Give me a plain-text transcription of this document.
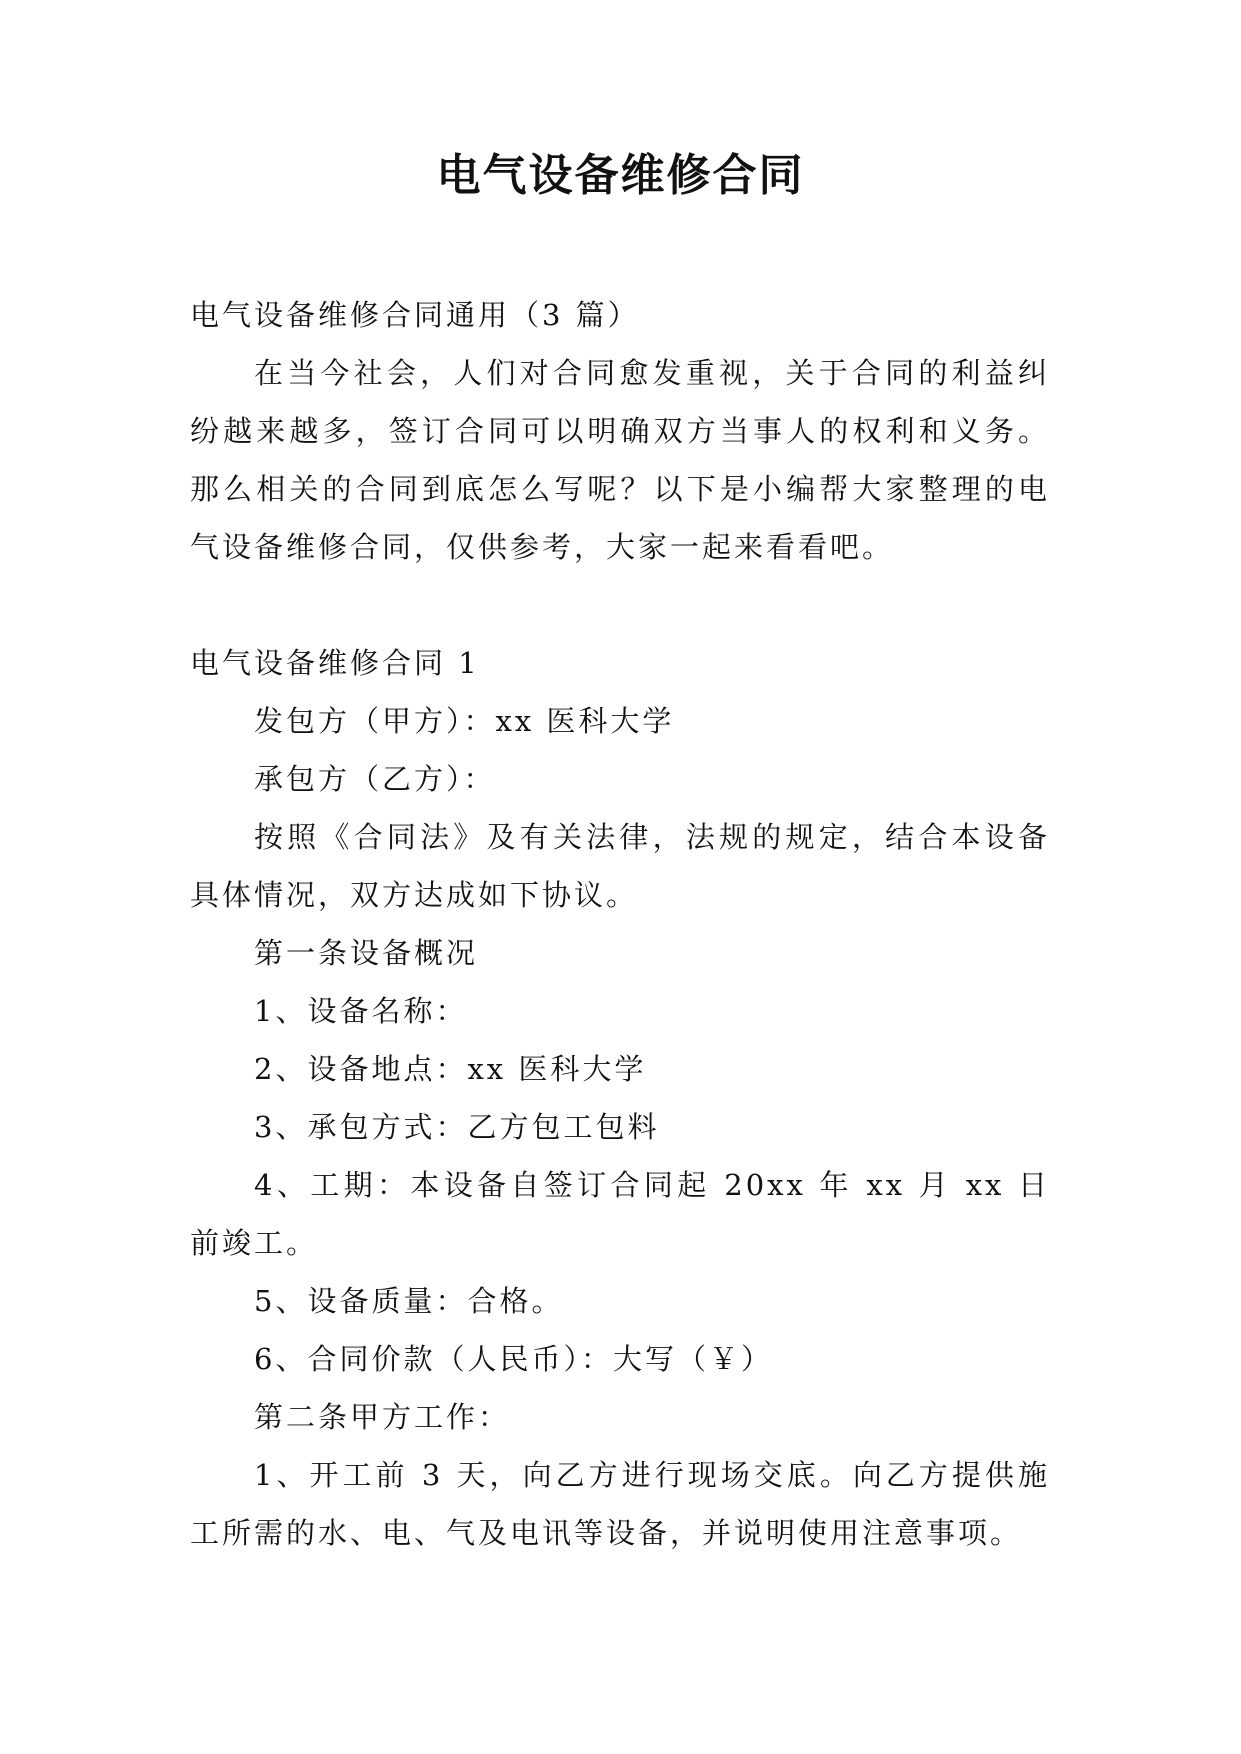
电气设备维修合同

电气设备维修合同通用（3 篇）

在当今社会，人们对合同愈发重视，关于合同的利益纠纷越来越多，签订合同可以明确双方当事人的权利和义务。那么相关的合同到底怎么写呢？以下是小编帮大家整理的电气设备维修合同，仅供参考，大家一起来看看吧。

电气设备维修合同 1

发包方（甲方）：xx 医科大学

承包方（乙方）：

按照《合同法》及有关法律，法规的规定，结合本设备具体情况，双方达成如下协议。

第一条设备概况

1、设备名称：

2、设备地点：xx 医科大学

3、承包方式：乙方包工包料

4、工期：本设备自签订合同起 20xx 年 xx 月 xx 日前竣工。

5、设备质量：合格。

6、合同价款（人民币）：大写（￥）

第二条甲方工作：

1、开工前 3 天，向乙方进行现场交底。向乙方提供施工所需的水、电、气及电讯等设备，并说明使用注意事项。
